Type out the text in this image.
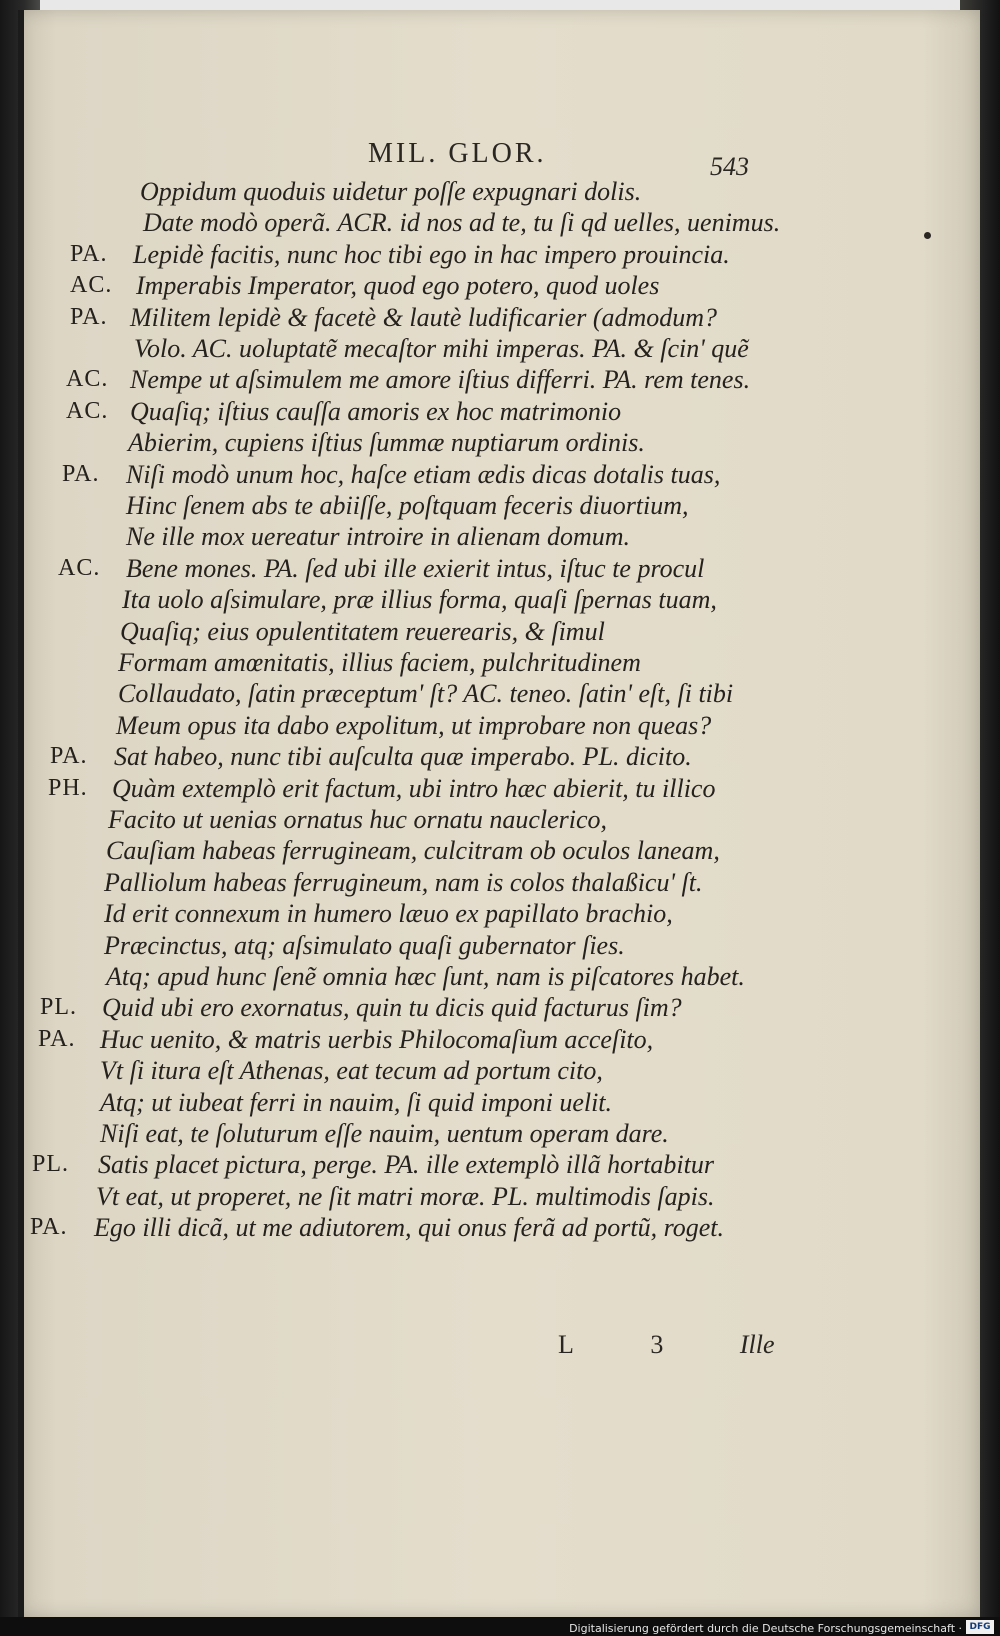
MIL. GLOR.	543
Oppidum quoduis uidetur poſſe expugnari dolis.
Date modò operã. ACR. id nos ad te, tu ſi qd uelles, uenimus.
PA. Lepidè facitis, nunc hoc tibi ego in hac impero prouincia.
AC. Imperabis Imperator, quod ego potero, quod uoles
PA. Militem lepidè & facetè & lautè ludificarier (admodum?
Volo. AC. uoluptatẽ mecaſtor mihi imperas. PA. & ſcin' quẽ
AC. Nempe ut aſsimulem me amore iſtius differri. PA. rem tenes.
AC. Quaſiq; iſtius cauſſa amoris ex hoc matrimonio
Abierim, cupiens iſtius ſummæ nuptiarum ordinis.
PA. Niſi modò unum hoc, haſce etiam ædis dicas dotalis tuas,
Hinc ſenem abs te abiiſſe, poſtquam feceris diuortium,
Ne ille mox uereatur introire in alienam domum.
AC. Bene mones. PA. ſed ubi ille exierit intus, iſtuc te procul
Ita uolo aſsimulare, præ illius forma, quaſi ſpernas tuam,
Quaſiq; eius opulentitatem reuerearis, & ſimul
Formam amœnitatis, illius faciem, pulchritudinem
Collaudato, ſatin præceptum' ſt? AC. teneo. ſatin' eſt, ſi tibi
Meum opus ita dabo expolitum, ut improbare non queas?
PA. Sat habeo, nunc tibi auſculta quæ imperabo. PL. dicito.
PH. Quàm extemplò erit factum, ubi intro hæc abierit, tu illico
Facito ut uenias ornatus huc ornatu nauclerico,
Cauſiam habeas ferrugineam, culcitram ob oculos laneam,
Palliolum habeas ferrugineum, nam is colos thalaßicu' ſt.
Id erit connexum in humero læuo ex papillato brachio,
Præcinctus, atq; aſsimulato quaſi gubernator ſies.
Atq; apud hunc ſenẽ omnia hæc ſunt, nam is piſcatores habet.
PL. Quid ubi ero exornatus, quin tu dicis quid facturus ſim?
PA. Huc uenito, & matris uerbis Philocomaſium acceſito,
Vt ſi itura eſt Athenas, eat tecum ad portum cito,
Atq; ut iubeat ferri in nauim, ſi quid imponi uelit.
Niſi eat, te ſoluturum eſſe nauim, uentum operam dare.
PL. Satis placet pictura, perge. PA. ille extemplò illã hortabitur
Vt eat, ut properet, ne ſit matri moræ. PL. multimodis ſapis.
PA. Ego illi dicã, ut me adiutorem, qui onus ferã ad portũ, roget.
L	3	Ille
Digitalisierung gefördert durch die Deutsche Forschungsgemeinschaft · DFG
